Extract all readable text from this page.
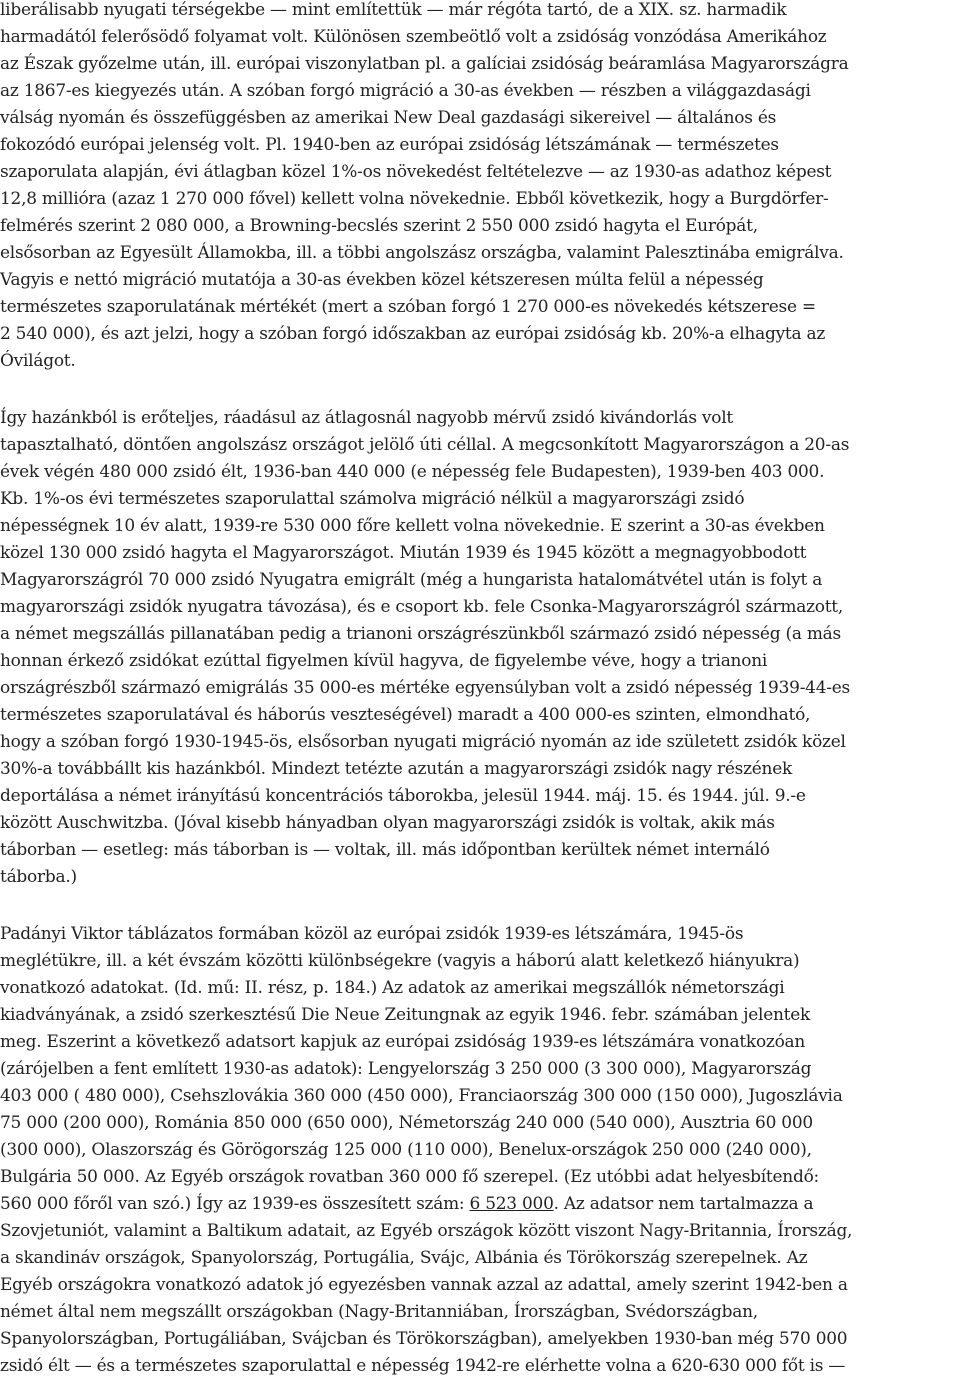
liberálisabb nyugati térségekbe — mint említettük — már régóta tartó, de a XIX. sz. harmadik
harmadától felerősödő folyamat volt. Különösen szembeötlő volt a zsidóság vonzódása Amerikához
az Észak győzelme után, ill. európai viszonylatban pl. a galíciai zsidóság beáramlása Magyarországra
az 1867-es kiegyezés után. A szóban forgó migráció a 30-as években — részben a világgazdasági
válság nyomán és összefüggésben az amerikai New Deal gazdasági sikereivel — általános és
fokozódó európai jelenség volt. Pl. 1940-ben az európai zsidóság létszámának — természetes
szaporulata alapján, évi átlagban közel 1%-os növekedést feltételezve — az 1930-as adathoz képest
12,8 millióra (azaz 1 270 000 fővel) kellett volna növekednie. Ebből következik, hogy a Burgdörfer-
felmérés szerint 2 080 000, a Browning-becslés szerint 2 550 000 zsidó hagyta el Európát,
elsősorban az Egyesült Államokba, ill. a többi angolszász országba, valamint Palesztinába emigrálva.
Vagyis e nettó migráció mutatója a 30-as években közel kétszeresen múlta felül a népesség
természetes szaporulatának mértékét (mert a szóban forgó 1 270 000-es növekedés kétszerese =
2 540 000), és azt jelzi, hogy a szóban forgó időszakban az európai zsidóság kb. 20%-a elhagyta az
Óvilágot.
Így hazánkból is erőteljes, ráadásul az átlagosnál nagyobb mérvű zsidó kivándorlás volt
tapasztalható, döntően angolszász országot jelölő úti céllal. A megcsonkított Magyarországon a 20-as
évek végén 480 000 zsidó élt, 1936-ban 440 000 (e népesség fele Budapesten), 1939-ben 403 000.
Kb. 1%-os évi természetes szaporulattal számolva migráció nélkül a magyarországi zsidó
népességnek 10 év alatt, 1939-re 530 000 főre kellett volna növekednie. E szerint a 30-as években
közel 130 000 zsidó hagyta el Magyarországot. Miután 1939 és 1945 között a megnagyobbodott
Magyarországról 70 000 zsidó Nyugatra emigrált (még a hungarista hatalomátvétel után is folyt a
magyarországi zsidók nyugatra távozása), és e csoport kb. fele Csonka-Magyarországról származott,
a német megszállás pillanatában pedig a trianoni országrészünkből származó zsidó népesség (a más
honnan érkező zsidókat ezúttal figyelmen kívül hagyva, de figyelembe véve, hogy a trianoni
országrészből származó emigrálás 35 000-es mértéke egyensúlyban volt a zsidó népesség 1939-44-es
természetes szaporulatával és háborús veszteségével) maradt a 400 000-es szinten, elmondható,
hogy a szóban forgó 1930-1945-ös, elsősorban nyugati migráció nyomán az ide született zsidók közel
30%-a továbbállt kis hazánkból. Mindezt tetézte azután a magyarországi zsidók nagy részének
deportálása a német irányítású koncentrációs táborokba, jelesül 1944. máj. 15. és 1944. júl. 9.-e
között Auschwitzba. (Jóval kisebb hányadban olyan magyarországi zsidók is voltak, akik más
táborban — esetleg: más táborban is — voltak, ill. más időpontban kerültek német internáló
táborba.)
Padányi Viktor táblázatos formában közöl az európai zsidók 1939-es létszámára, 1945-ös
meglétükre, ill. a két évszám közötti különbségekre (vagyis a háború alatt keletkező hiányukra)
vonatkozó adatokat. (Id. mű: II. rész, p. 184.) Az adatok az amerikai megszállók németországi
kiadványának, a zsidó szerkesztésű Die Neue Zeitungnak az egyik 1946. febr. számában jelentek
meg. Eszerint a következő adatsort kapjuk az európai zsidóság 1939-es létszámára vonatkozóan
(zárójelben a fent említett 1930-as adatok): Lengyelország 3 250 000 (3 300 000), Magyarország
403 000 ( 480 000), Csehszlovákia 360 000 (450 000), Franciaország 300 000 (150 000), Jugoszlávia
75 000 (200 000), Románia 850 000 (650 000), Németország 240 000 (540 000), Ausztria 60 000
(300 000), Olaszország és Görögország 125 000 (110 000), Benelux-országok 250 000 (240 000),
Bulgária 50 000. Az Egyéb országok rovatban 360 000 fő szerepel. (Ez utóbbi adat helyesbítendő:
560 000 főről van szó.) Így az 1939-es összesített szám: 6 523 000. Az adatsor nem tartalmazza a
Szovjetuniót, valamint a Baltikum adatait, az Egyéb országok között viszont Nagy-Britannia, Írország,
a skandináv országok, Spanyolország, Portugália, Svájc, Albánia és Törökország szerepelnek. Az
Egyéb országokra vonatkozó adatok jó egyezésben vannak azzal az adattal, amely szerint 1942-ben a
német által nem megszállt országokban (Nagy-Britanniában, Írországban, Svédországban,
Spanyolországban, Portugáliában, Svájcban és Törökországban), amelyekben 1930-ban még 570 000
zsidó élt — és a természetes szaporulattal e népesség 1942-re elérhette volna a 620-630 000 főt is —
